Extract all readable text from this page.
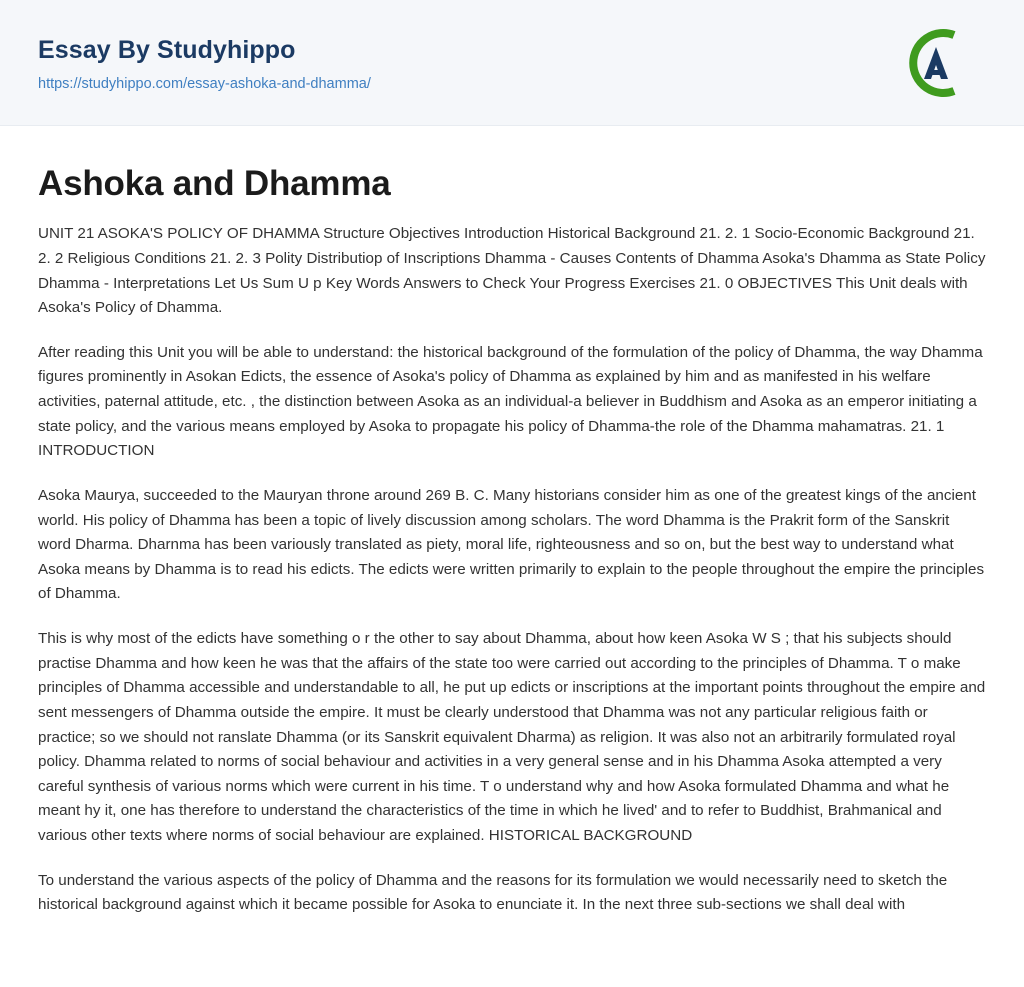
Essay By Studyhippo
https://studyhippo.com/essay-ashoka-and-dhamma/
Ashoka and Dhamma

UNIT 21 ASOKA'S POLICY OF DHAMMA Structure Objectives Introduction Historical Background 21. 2. 1 Socio-Economic Background 21. 2. 2 Religious Conditions 21. 2. 3 Polity Distributiop of Inscriptions Dhamma - Causes Contents of Dhamma Asoka's Dhamma as State Policy Dhamma - Interpretations Let Us Sum U p Key Words Answers to Check Your Progress Exercises 21. 0 OBJECTIVES This Unit deals with Asoka's Policy of Dhamma.

After reading this Unit you will be able to understand: the historical background of the formulation of the policy of Dhamma, the way Dhamma figures prominently in Asokan Edicts, the essence of Asoka's policy of Dhamma as explained by him and as manifested in his welfare activities, paternal attitude, etc. , the distinction between Asoka as an individual-a believer in Buddhism and Asoka as an emperor initiating a state policy, and the various means employed by Asoka to propagate his policy of Dhamma-the role of the Dhamma mahamatras. 21. 1 INTRODUCTION

Asoka Maurya, succeeded to the Mauryan throne around 269 B. C. Many historians consider him as one of the greatest kings of the ancient world. His policy of Dhamma has been a topic of lively discussion among scholars. The word Dhamma is the Prakrit form of the Sanskrit word Dharma. Dharnma has been variously translated as piety, moral life, righteousness and so on, but the best way to understand what Asoka means by Dhamma is to read his edicts. The edicts were written primarily to explain to the people throughout the empire the principles of Dhamma.

This is why most of the edicts have something o r the other to say about Dhamma, about how keen Asoka W S ; that his subjects should practise Dhamma and how keen he was that the affairs of the state too were carried out according to the principles of Dhamma. T o make principles of Dhamma accessible and understandable to all, he put up edicts or inscriptions at the important points throughout the empire and sent messengers of Dhamma outside the empire. It must be clearly understood that Dhamma was not any particular religious faith or practice; so we should not ranslate Dhamma (or its Sanskrit equivalent Dharma) as religion. It was also not an arbitrarily formulated royal policy. Dhamma related to norms of social behaviour and activities in a very general sense and in his Dhamma Asoka attempted a very careful synthesis of various norms which were current in his time. T o understand why and how Asoka formulated Dhamma and what he meant hy it, one has therefore to understand the characteristics of the time in which he lived' and to refer to Buddhist, Brahmanical and various other texts where norms of social behaviour are explained. HISTORICAL BACKGROUND

To understand the various aspects of the policy of Dhamma and the reasons for its formulation we would necessarily need to sketch the historical background against which it became possible for Asoka to enunciate it. In the next three sub-sections we shall deal with
